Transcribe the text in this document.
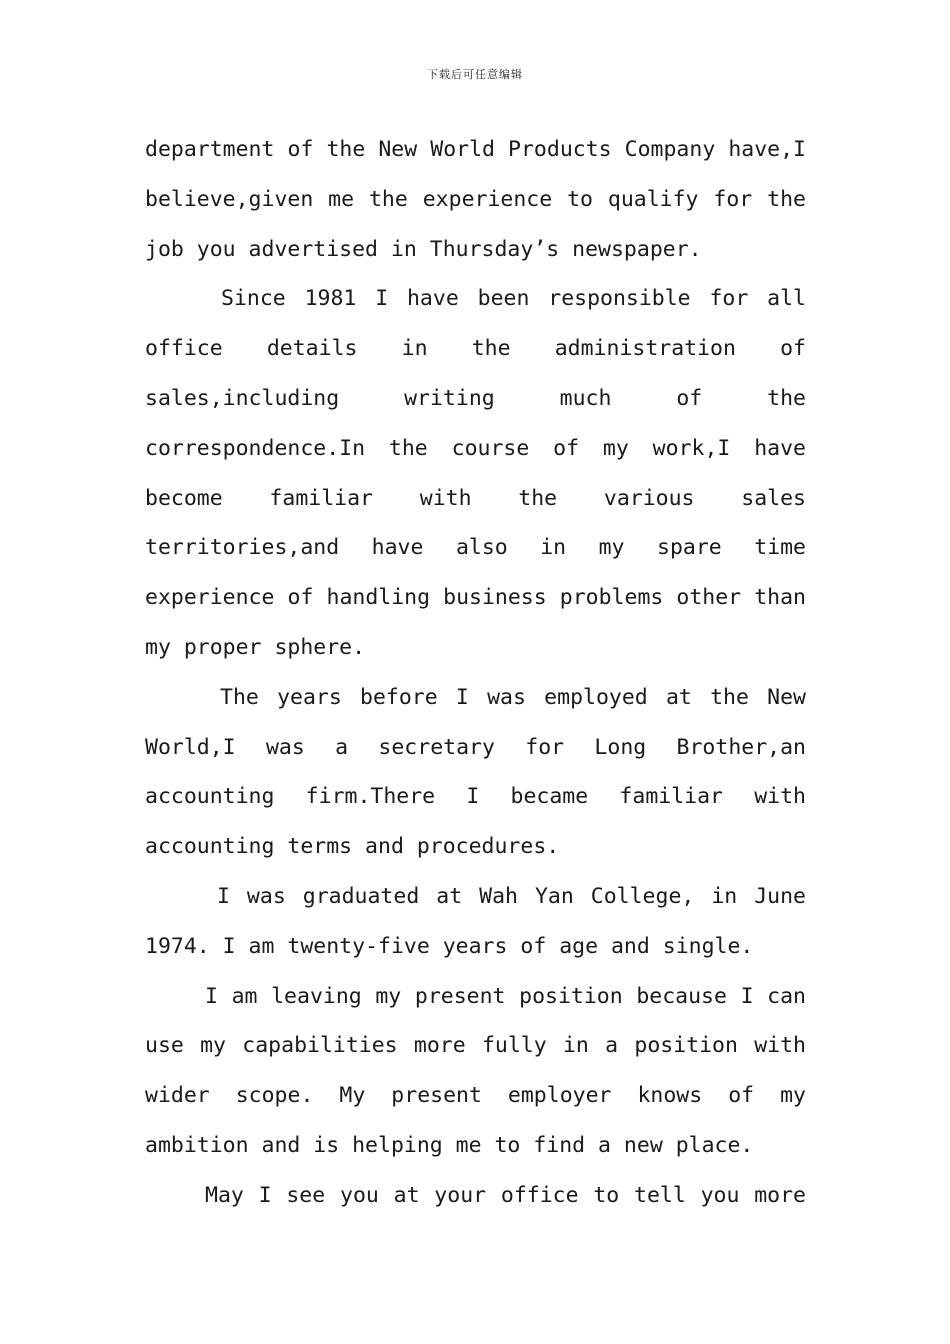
下载后可任意编辑
department of the New World Products Company have,I
believe,given me the experience to qualify for the
job you advertised in Thursday’s newspaper.
Since 1981 I have been responsible for all
office details in the administration of
sales,including writing much of the
correspondence.In the course of my work,I have
become familiar with the various sales
territories,and have also in my spare time
experience of handling business problems other than
my proper sphere.
The years before I was employed at the New
World,I was a secretary for Long Brother,an
accounting firm.There I became familiar with
accounting terms and procedures.
I was graduated at Wah Yan College, in June
1974. I am twenty-five years of age and single.
I am leaving my present position because I can
use my capabilities more fully in a position with
wider scope. My present employer knows of my
ambition and is helping me to find a new place.
May I see you at your office to tell you more
